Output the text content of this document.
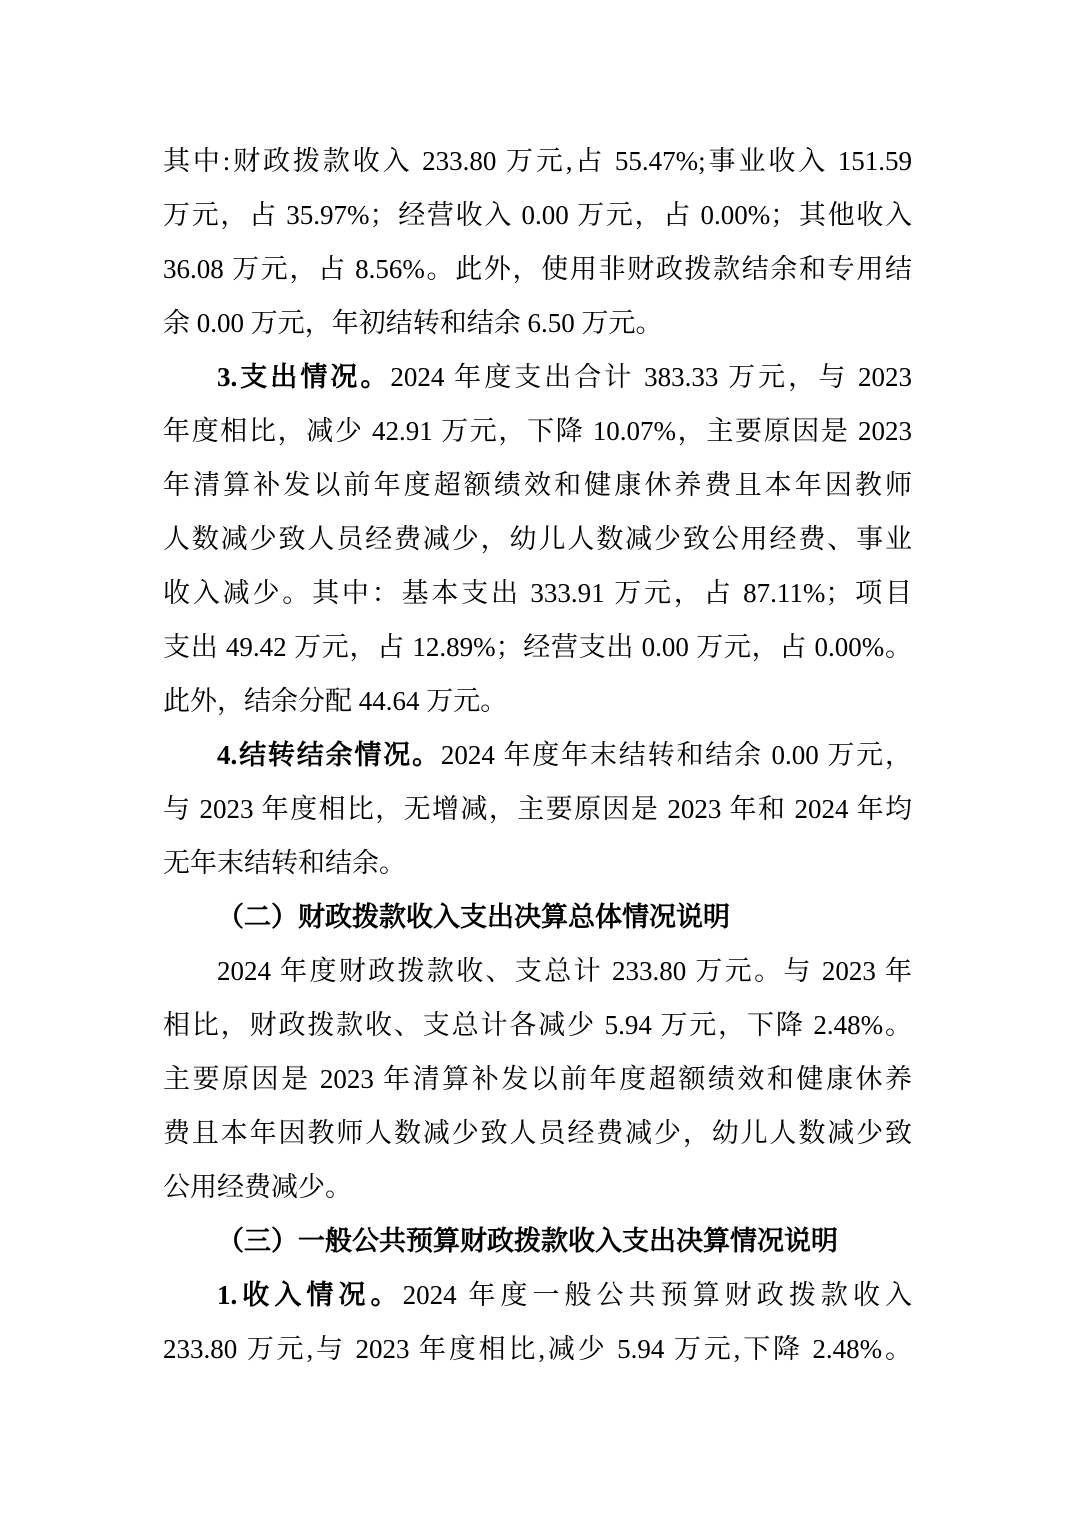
其中:财政拨款收入 233.80 万元,占 55.47%;事业收入 151.59
万元，占 35.97%；经营收入 0.00 万元，占 0.00%；其他收入
36.08 万元，占 8.56%。此外，使用非财政拨款结余和专用结
余 0.00 万元，年初结转和结余 6.50 万元。
3.支出情况。2024 年度支出合计 383.33 万元，与 2023
年度相比，减少 42.91 万元，下降 10.07%，主要原因是 2023
年清算补发以前年度超额绩效和健康休养费且本年因教师
人数减少致人员经费减少，幼儿人数减少致公用经费、事业
收入减少。其中：基本支出 333.91 万元，占 87.11%；项目
支出 49.42 万元，占 12.89%；经营支出 0.00 万元，占 0.00%。
此外，结余分配 44.64 万元。
4.结转结余情况。2024 年度年末结转和结余 0.00 万元，
与 2023 年度相比，无增减，主要原因是 2023 年和 2024 年均
无年末结转和结余。
（二）财政拨款收入支出决算总体情况说明
2024 年度财政拨款收、支总计 233.80 万元。与 2023 年
相比，财政拨款收、支总计各减少 5.94 万元，下降 2.48%。
主要原因是 2023 年清算补发以前年度超额绩效和健康休养
费且本年因教师人数减少致人员经费减少，幼儿人数减少致
公用经费减少。
（三）一般公共预算财政拨款收入支出决算情况说明
1.收入情况。2024 年度一般公共预算财政拨款收入
233.80 万元,与 2023 年度相比,减少 5.94 万元,下降 2.48%。
